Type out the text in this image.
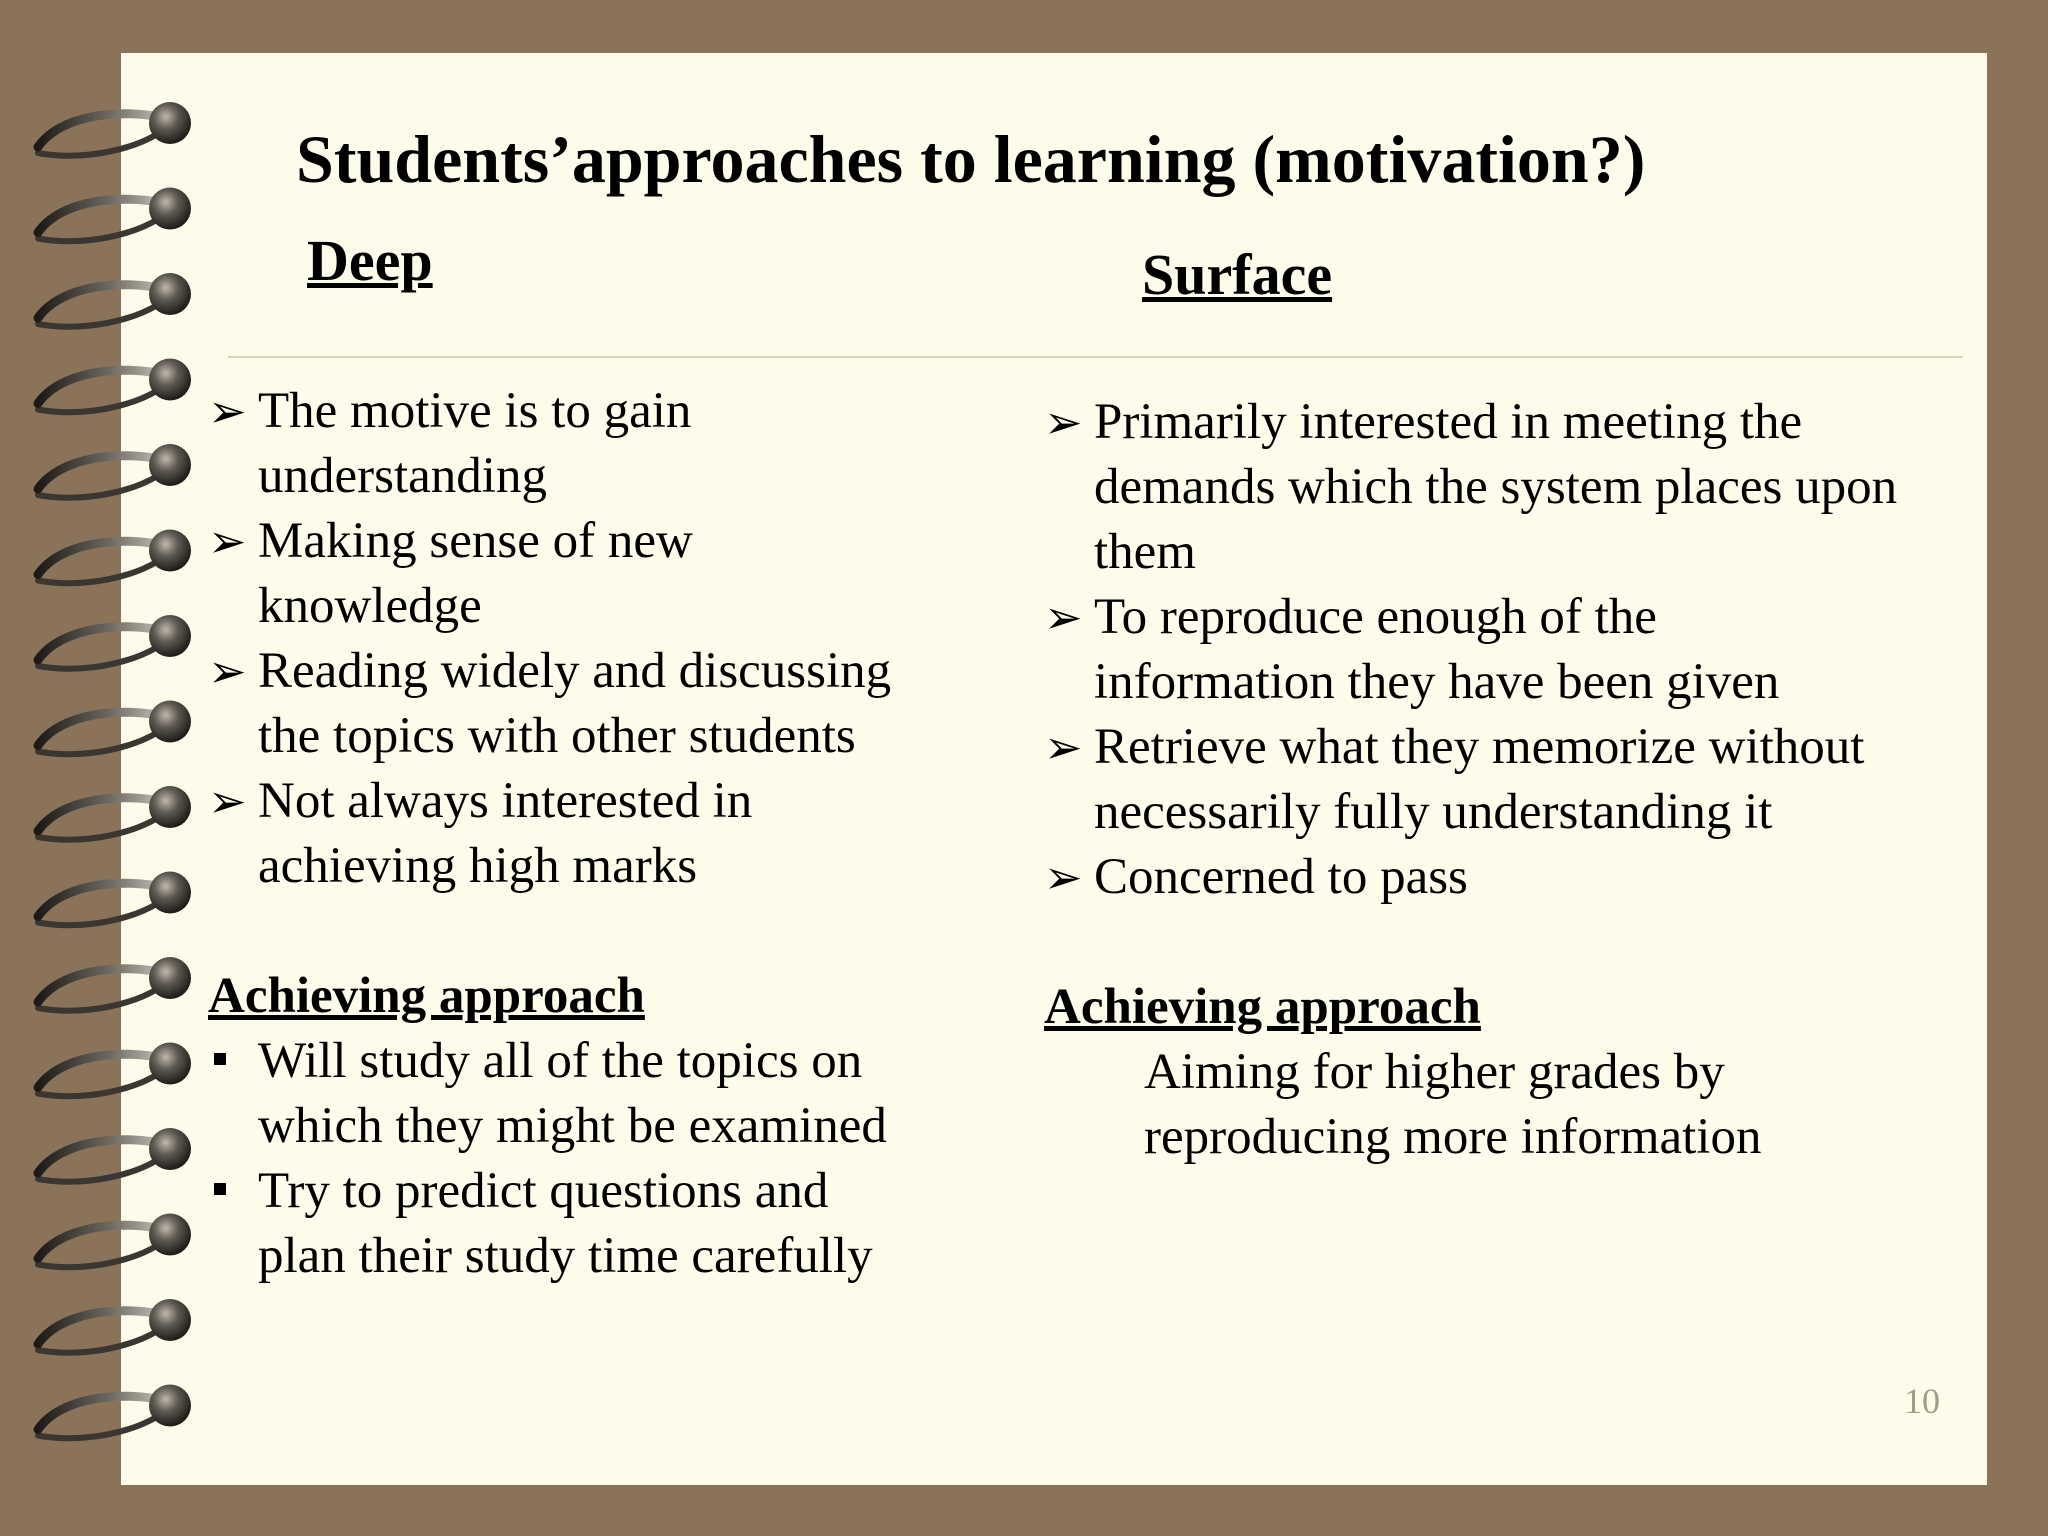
Students’approaches to learning (motivation?)
Deep	Surface
➢ The motive is to gain understanding
➢ Making sense of new knowledge
➢ Reading widely and discussing the topics with other students
➢ Not always interested in achieving high marks
Achieving approach
Will study all of the topics on which they might be examined
Try to predict questions and plan their study time carefully
➢ Primarily interested in meeting the demands which the system places upon them
➢ To reproduce enough of the information they have been given
➢ Retrieve what they memorize without necessarily fully understanding it
➢ Concerned to pass
Achieving approach
Aiming for higher grades by reproducing more information
10
